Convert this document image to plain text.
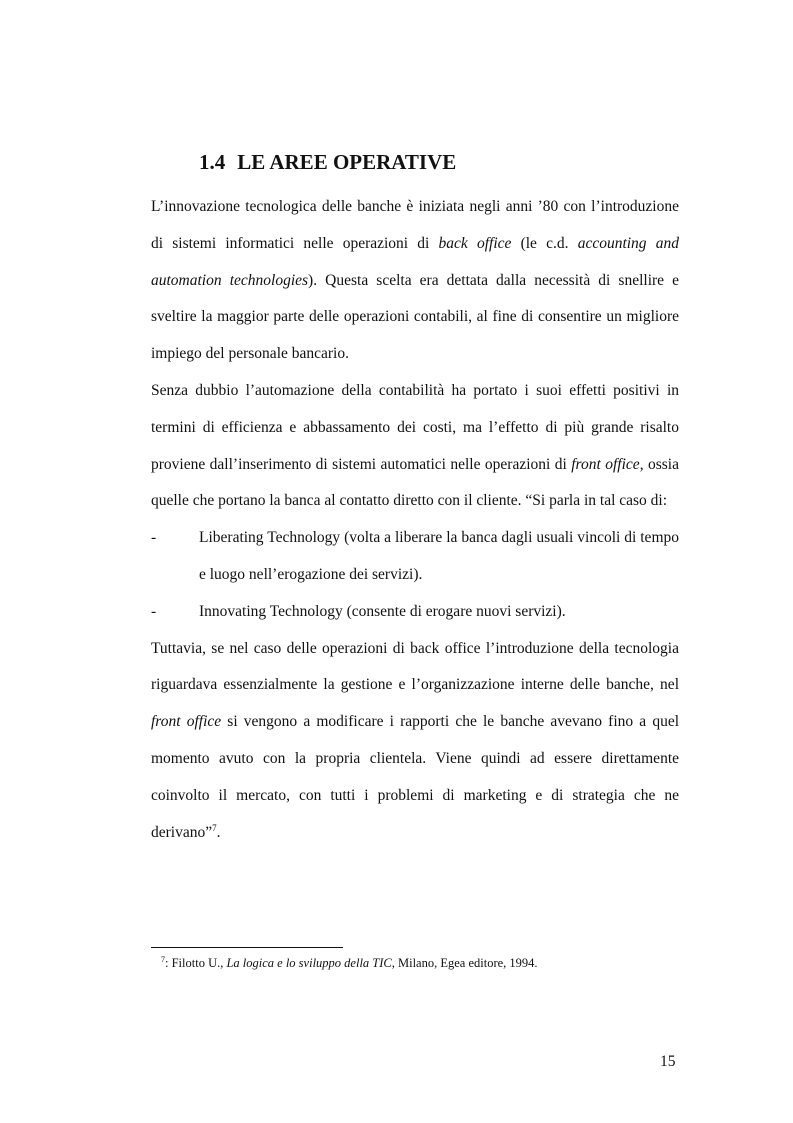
1.4 LE AREE OPERATIVE

L’innovazione tecnologica delle banche è iniziata negli anni ’80 con l’introduzione di sistemi informatici nelle operazioni di back office (le c.d. accounting and automation technologies). Questa scelta era dettata dalla necessità di snellire e sveltire la maggior parte delle operazioni contabili, al fine di consentire un migliore impiego del personale bancario.

Senza dubbio l’automazione della contabilità ha portato i suoi effetti positivi in termini di efficienza e abbassamento dei costi, ma l’effetto di più grande risalto proviene dall’inserimento di sistemi automatici nelle operazioni di front office, ossia quelle che portano la banca al contatto diretto con il cliente. “Si parla in tal caso di:

-	Liberating Technology (volta a liberare la banca dagli usuali vincoli di tempo e luogo nell’erogazione dei servizi).

-	Innovating Technology (consente di erogare nuovi servizi).

Tuttavia, se nel caso delle operazioni di back office l’introduzione della tecnologia riguardava essenzialmente la gestione e l’organizzazione interne delle banche, nel front office si vengono a modificare i rapporti che le banche avevano fino a quel momento avuto con la propria clientela. Viene quindi ad essere direttamente coinvolto il mercato, con tutti i problemi di marketing e di strategia che ne derivano”$^7$.

$^7$: Filotto U., La logica e lo sviluppo della TIC, Milano, Egea editore, 1994.
15
